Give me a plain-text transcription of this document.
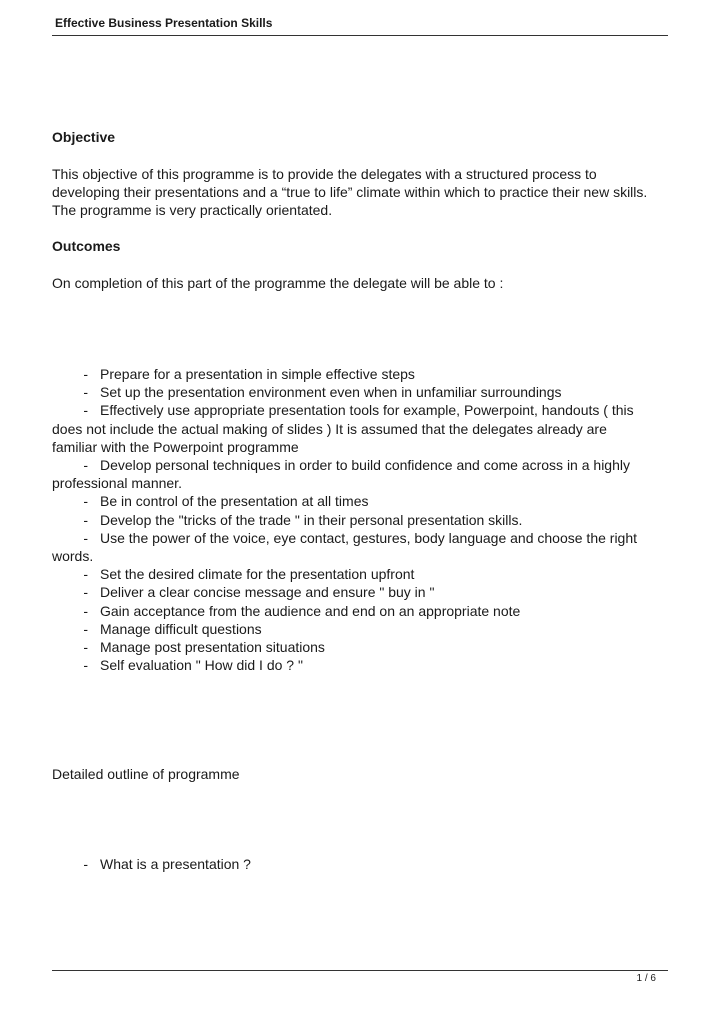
Effective Business Presentation Skills
Objective
This objective of this programme is to provide the delegates with a structured process to developing their presentations and a “true to life” climate within which to practice their new skills. The programme is very practically orientated.
Outcomes
On completion of this part of the programme the delegate will be able to :
- Prepare for a presentation in simple effective steps
- Set up the presentation environment even when in unfamiliar surroundings
- Effectively use appropriate presentation tools for example, Powerpoint, handouts ( this does not include the actual making of slides ) It is assumed that the delegates already are familiar with the Powerpoint programme
- Develop personal techniques in order to build confidence and come across in a highly professional manner.
- Be in control of the presentation at all times
- Develop the "tricks of the trade " in their personal presentation skills.
- Use the power of the voice, eye contact, gestures, body language and choose the right words.
- Set the desired climate for the presentation upfront
- Deliver a clear concise message and ensure " buy in "
- Gain acceptance from the audience and end on an appropriate note
- Manage difficult questions
- Manage post presentation situations
- Self evaluation " How did I do ? "
Detailed outline of programme
- What is a presentation ?
1 / 6
